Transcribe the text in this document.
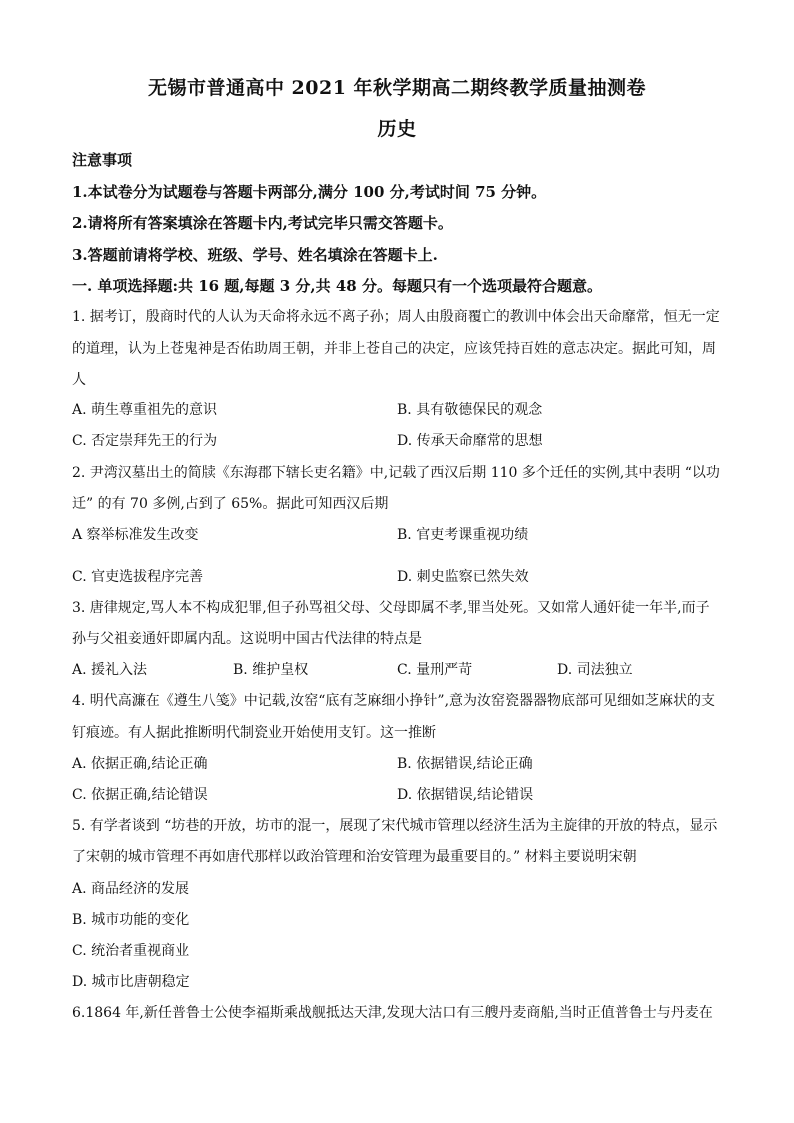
无锡市普通高中 2021 年秋学期高二期终教学质量抽测卷
历史
注意事项
1.本试卷分为试题卷与答题卡两部分,满分 100 分,考试时间 75 分钟。
2.请将所有答案填涂在答题卡内,考试完毕只需交答题卡。
3.答题前请将学校、班级、学号、姓名填涂在答题卡上.
一. 单项选择题:共 16 题,每题 3 分,共 48 分。每题只有一个选项最符合题意。
1. 据考订，殷商时代的人认为天命将永远不离子孙；周人由殷商覆亡的教训中体会出天命靡常，恒无一定
的道理，认为上苍鬼神是否佑助周王朝，并非上苍自己的决定，应该凭持百姓的意志决定。据此可知，周
人
A. 萌生尊重祖先的意识	B. 具有敬德保民的观念
C. 否定崇拜先王的行为	D. 传承天命靡常的思想
2. 尹湾汉墓出土的简牍《东海郡下辖长吏名籍》中,记载了西汉后期 110 多个迁任的实例,其中表明 “以功
迁” 的有 70 多例,占到了 65%。据此可知西汉后期
A 察举标准发生改变	B. 官吏考课重视功绩
C. 官吏选拔程序完善	D. 刺史监察已然失效
3. 唐律规定,骂人本不构成犯罪,但子孙骂祖父母、父母即属不孝,罪当处死。又如常人通奸徒一年半,而子
孙与父祖妾通奸即属内乱。这说明中国古代法律的特点是
A. 援礼入法	B. 维护皇权	C. 量刑严苛	D. 司法独立
4. 明代高濂在《遵生八笺》中记载,汝窑“底有芝麻细小挣针”,意为汝窑瓷器器物底部可见细如芝麻状的支
钉痕迹。有人据此推断明代制瓷业开始使用支钉。这一推断
A. 依据正确,结论正确	B. 依据错误,结论正确
C. 依据正确,结论错误	D. 依据错误,结论错误
5. 有学者谈到 “坊巷的开放，坊市的混一，展现了宋代城市管理以经济生活为主旋律的开放的特点，显示
了宋朝的城市管理不再如唐代那样以政治管理和治安管理为最重要目的。” 材料主要说明宋朝
A. 商品经济的发展
B. 城市功能的变化
C. 统治者重视商业
D. 城市比唐朝稳定
6.1864 年,新任普鲁士公使李福斯乘战舰抵达天津,发现大沽口有三艘丹麦商船,当时正值普鲁士与丹麦在
